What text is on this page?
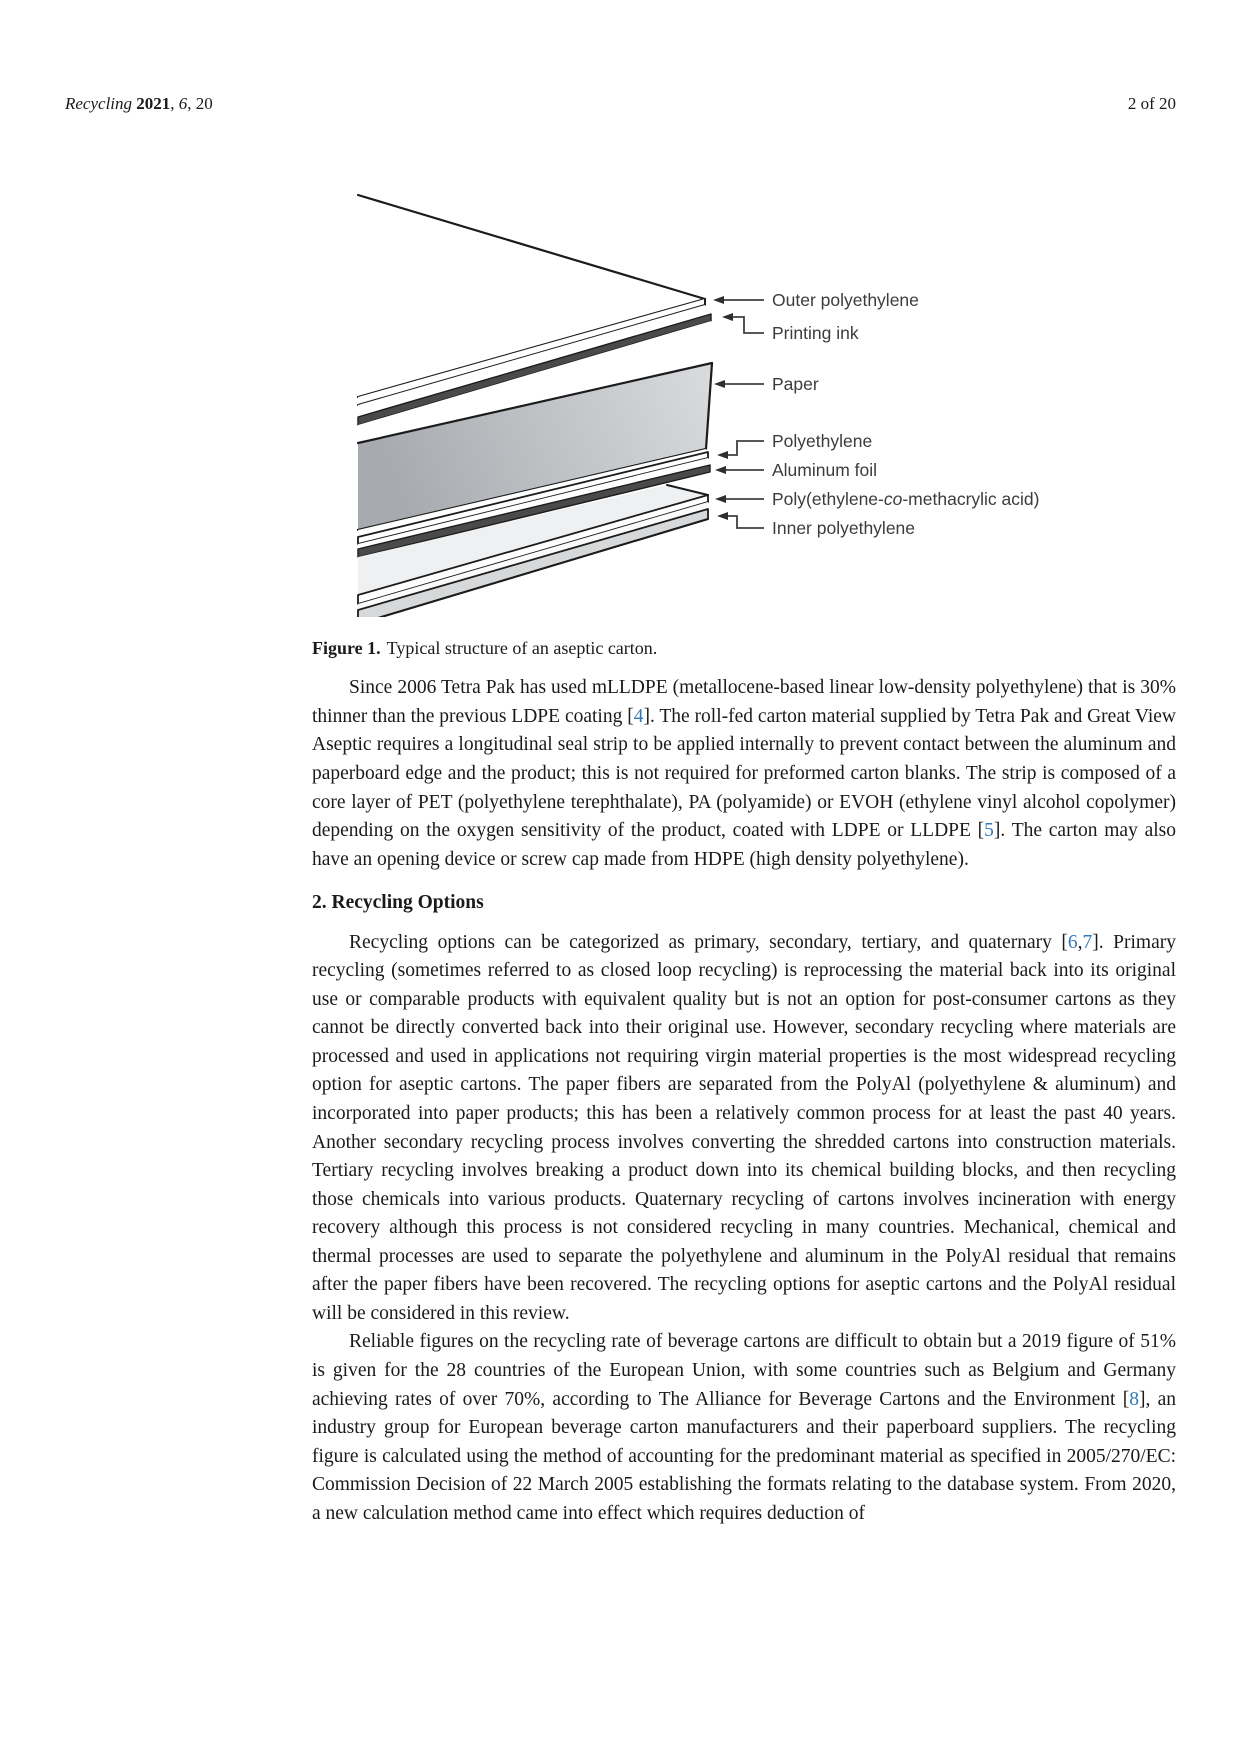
Recycling 2021, 6, 20	2 of 20
Outer polyethylene
Printing ink
Paper
Polyethylene
Aluminum foil
Poly(ethylene-co-methacrylic acid)
Inner polyethylene

Figure 1. Typical structure of an aseptic carton.

Since 2006 Tetra Pak has used mLLDPE (metallocene-based linear low-density polyethylene) that is 30% thinner than the previous LDPE coating [4]. The roll-fed carton material supplied by Tetra Pak and Great View Aseptic requires a longitudinal seal strip to be applied internally to prevent contact between the aluminum and paperboard edge and the product; this is not required for preformed carton blanks. The strip is composed of a core layer of PET (polyethylene terephthalate), PA (polyamide) or EVOH (ethylene vinyl alcohol copolymer) depending on the oxygen sensitivity of the product, coated with LDPE or LLDPE [5]. The carton may also have an opening device or screw cap made from HDPE (high density polyethylene).

2. Recycling Options

Recycling options can be categorized as primary, secondary, tertiary, and quaternary [6,7]. Primary recycling (sometimes referred to as closed loop recycling) is reprocessing the material back into its original use or comparable products with equivalent quality but is not an option for post-consumer cartons as they cannot be directly converted back into their original use. However, secondary recycling where materials are processed and used in applications not requiring virgin material properties is the most widespread recycling option for aseptic cartons. The paper fibers are separated from the PolyAl (polyethylene & aluminum) and incorporated into paper products; this has been a relatively common process for at least the past 40 years. Another secondary recycling process involves converting the shredded cartons into construction materials. Tertiary recycling involves breaking a product down into its chemical building blocks, and then recycling those chemicals into various products. Quaternary recycling of cartons involves incineration with energy recovery although this process is not considered recycling in many countries. Mechanical, chemical and thermal processes are used to separate the polyethylene and aluminum in the PolyAl residual that remains after the paper fibers have been recovered. The recycling options for aseptic cartons and the PolyAl residual will be considered in this review.

Reliable figures on the recycling rate of beverage cartons are difficult to obtain but a 2019 figure of 51% is given for the 28 countries of the European Union, with some countries such as Belgium and Germany achieving rates of over 70%, according to The Alliance for Beverage Cartons and the Environment [8], an industry group for European beverage carton manufacturers and their paperboard suppliers. The recycling figure is calculated using the method of accounting for the predominant material as specified in 2005/270/EC: Commission Decision of 22 March 2005 establishing the formats relating to the database system. From 2020, a new calculation method came into effect which requires deduction of
